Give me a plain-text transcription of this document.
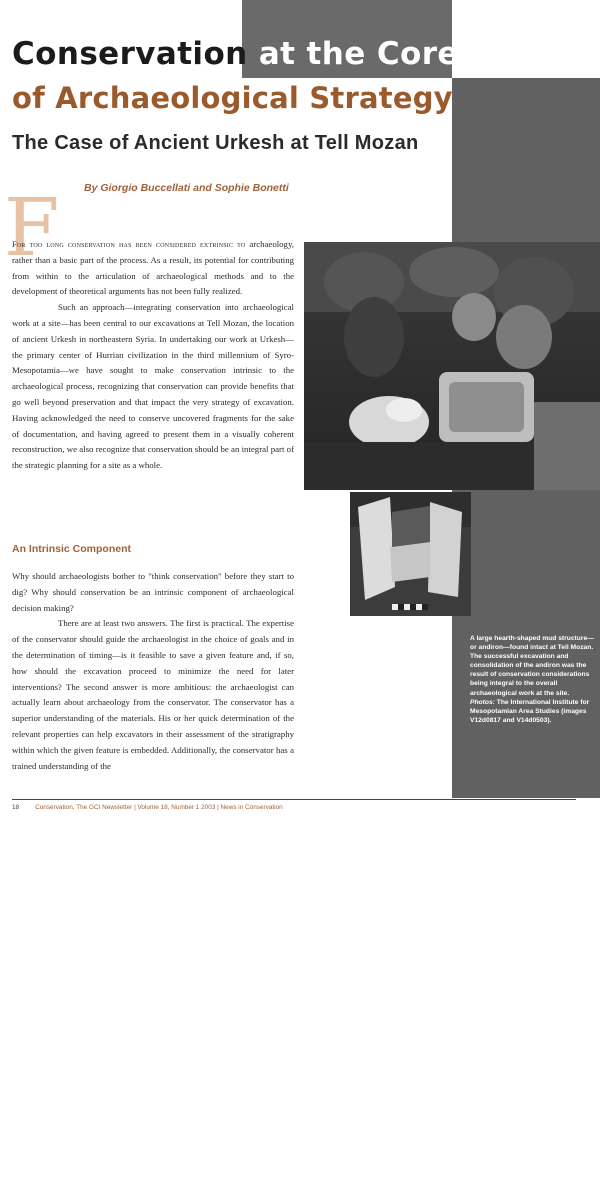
Conservation at the Core
of Archaeological Strategy
The Case of Ancient Urkesh at Tell Mozan
By Giorgio Buccellati and Sophie Bonetti
F

For too long conservation has been considered extrinsic to archaeology, rather than a basic part of the process. As a result, its potential for contributing from within to the articulation of archaeological methods and to the development of theoretical arguments has not been fully realized.

Such an approach—integrating conservation into archaeological work at a site—has been central to our excavations at Tell Mozan, the location of ancient Urkesh in northeastern Syria. In undertaking our work at Urkesh—the primary center of Hurrian civilization in the third millennium of Syro-Mesopotamia—we have sought to make conservation intrinsic to the archaeological process, recognizing that conservation can provide benefits that go well beyond preservation and that impact the very strategy of excavation. Having acknowledged the need to conserve uncovered fragments for the sake of documentation, and having agreed to present them in a visually coherent reconstruction, we also recognize that conservation should be an integral part of the strategic planning for a site as a whole.

An Intrinsic Component

Why should archaeologists bother to "think conservation" before they start to dig? Why should conservation be an intrinsic component of archaeological decision making?

There are at least two answers. The first is practical. The expertise of the conservator should guide the archaeologist in the choice of goals and in the determination of timing—is it feasible to save a given feature and, if so, how should the excavation proceed to minimize the need for later interventions? The second answer is more ambitious: the archaeologist can actually learn about archaeology from the conservator. The conservator has a superior understanding of the materials. His or her quick determination of the relevant properties can help excavators in their assessment of the stratigraphy within which the given feature is embedded. Additionally, the conservator has a trained understanding of the

A large hearth-shaped mud structure—or andiron—found intact at Tell Mozan. The successful excavation and consolidation of the andiron was the result of conservation considerations being integral to the overall archaeological work at the site. Photos: The International Institute for Mesopotamian Area Studies (images V12d0817 and V14d0503).
18	Conservation, The GCI Newsletter | Volume 18, Number 1 2003 | News in Conservation
